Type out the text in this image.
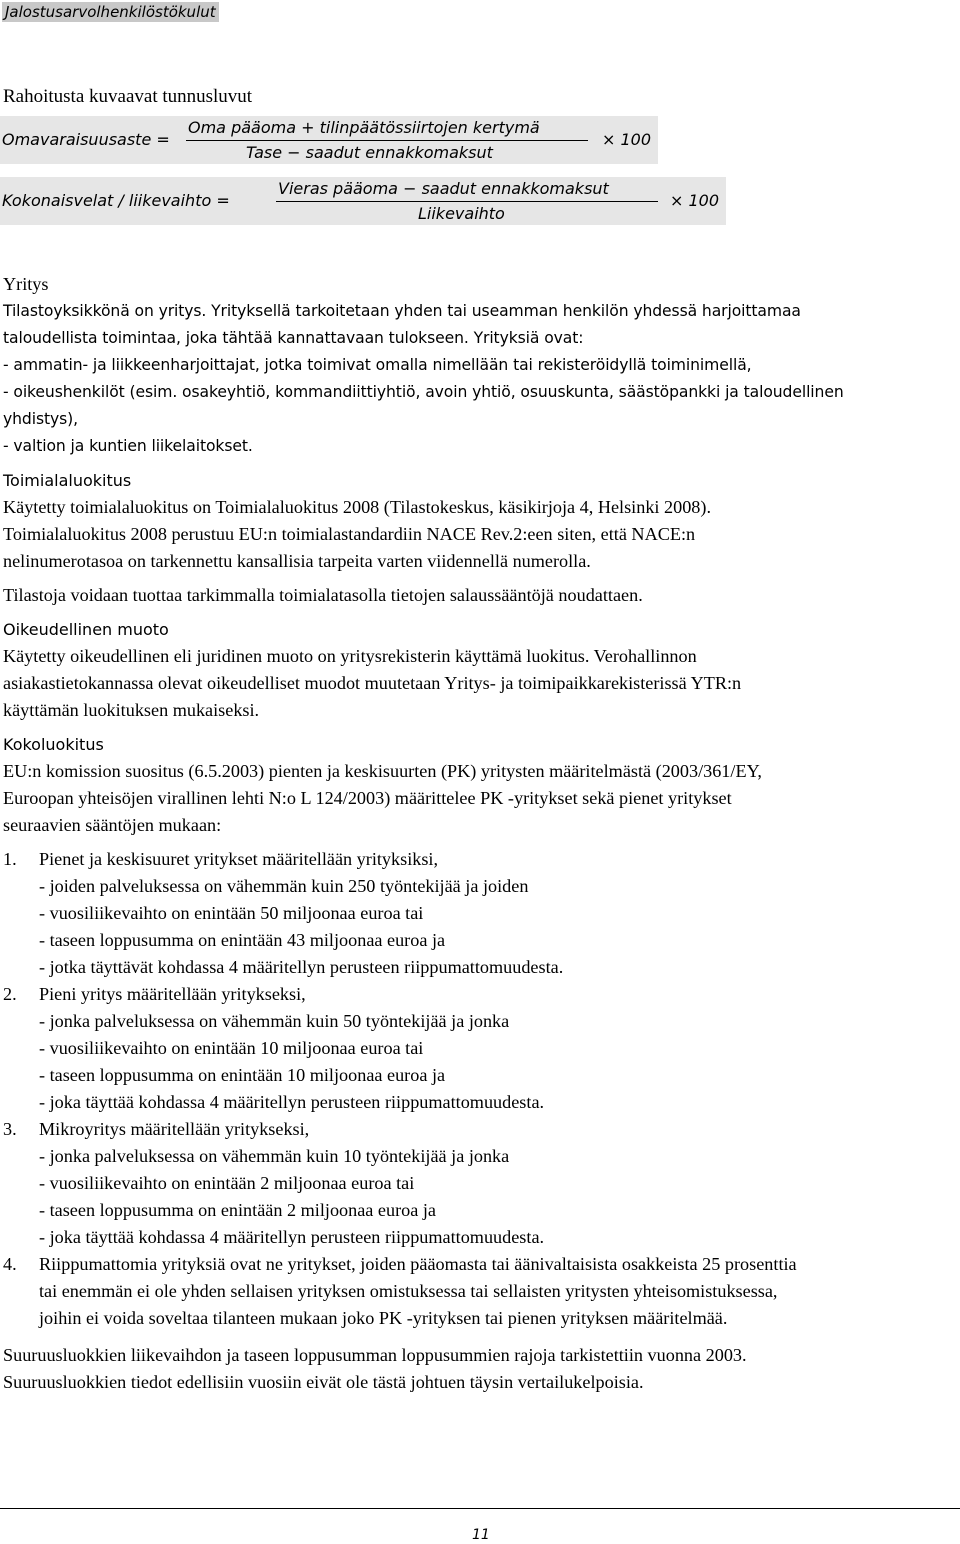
Jalostusarvolhenkilöstökulut
Rahoitusta kuvaavat tunnusluvut
Omavaraisuusaste =
Oma pääoma + tilinpäätössiirtojen kertymä
Tase − saadut ennakkomaksut
× 100
Kokonaisvelat / liikevaihto =
Vieras pääoma − saadut ennakkomaksut
Liikevaihto
× 100
Yritys
Tilastoyksikkönä on yritys. Yrityksellä tarkoitetaan yhden tai useamman henkilön yhdessä harjoittamaa
taloudellista toimintaa, joka tähtää kannattavaan tulokseen. Yrityksiä ovat:
- ammatin- ja liikkeenharjoittajat, jotka toimivat omalla nimellään tai rekisteröidyllä toiminimellä,
- oikeushenkilöt (esim. osakeyhtiö, kommandiittiyhtiö, avoin yhtiö, osuuskunta, säästöpankki ja taloudellinen
yhdistys),
- valtion ja kuntien liikelaitokset.
Toimialaluokitus
Käytetty toimialaluokitus on Toimialaluokitus 2008 (Tilastokeskus, käsikirjoja 4, Helsinki 2008).
Toimialaluokitus 2008 perustuu EU:n toimialastandardiin NACE Rev.2:een siten, että NACE:n
nelinumerotasoa on tarkennettu kansallisia tarpeita varten viidennellä numerolla.
Tilastoja voidaan tuottaa tarkimmalla toimialatasolla tietojen salaussääntöjä noudattaen.
Oikeudellinen muoto
Käytetty oikeudellinen eli juridinen muoto on yritysrekisterin käyttämä luokitus. Verohallinnon
asiakastietokannassa olevat oikeudelliset muodot muutetaan Yritys- ja toimipaikkarekisterissä YTR:n
käyttämän luokituksen mukaiseksi.
Kokoluokitus
EU:n komission suositus (6.5.2003) pienten ja keskisuurten (PK) yritysten määritelmästä (2003/361/EY,
Euroopan yhteisöjen virallinen lehti N:o L 124/2003) määrittelee PK -yritykset sekä pienet yritykset
seuraavien sääntöjen mukaan:
1. Pienet ja keskisuuret yritykset määritellään yrityksiksi,
- joiden palveluksessa on vähemmän kuin 250 työntekijää ja joiden
- vuosiliikevaihto on enintään 50 miljoonaa euroa tai
- taseen loppusumma on enintään 43 miljoonaa euroa ja
- jotka täyttävät kohdassa 4 määritellyn perusteen riippumattomuudesta.
2. Pieni yritys määritellään yritykseksi,
- jonka palveluksessa on vähemmän kuin 50 työntekijää ja jonka
- vuosiliikevaihto on enintään 10 miljoonaa euroa tai
- taseen loppusumma on enintään 10 miljoonaa euroa ja
- joka täyttää kohdassa 4 määritellyn perusteen riippumattomuudesta.
3. Mikroyritys määritellään yritykseksi,
- jonka palveluksessa on vähemmän kuin 10 työntekijää ja jonka
- vuosiliikevaihto on enintään 2 miljoonaa euroa tai
- taseen loppusumma on enintään 2 miljoonaa euroa ja
- joka täyttää kohdassa 4 määritellyn perusteen riippumattomuudesta.
4. Riippumattomia yrityksiä ovat ne yritykset, joiden pääomasta tai äänivaltaisista osakkeista 25 prosenttia
tai enemmän ei ole yhden sellaisen yrityksen omistuksessa tai sellaisten yritysten yhteisomistuksessa,
joihin ei voida soveltaa tilanteen mukaan joko PK -yrityksen tai pienen yrityksen määritelmää.
Suuruusluokkien liikevaihdon ja taseen loppusumman loppusummien rajoja tarkistettiin vuonna 2003.
Suuruusluokkien tiedot edellisiin vuosiin eivät ole tästä johtuen täysin vertailukelpoisia.
11
